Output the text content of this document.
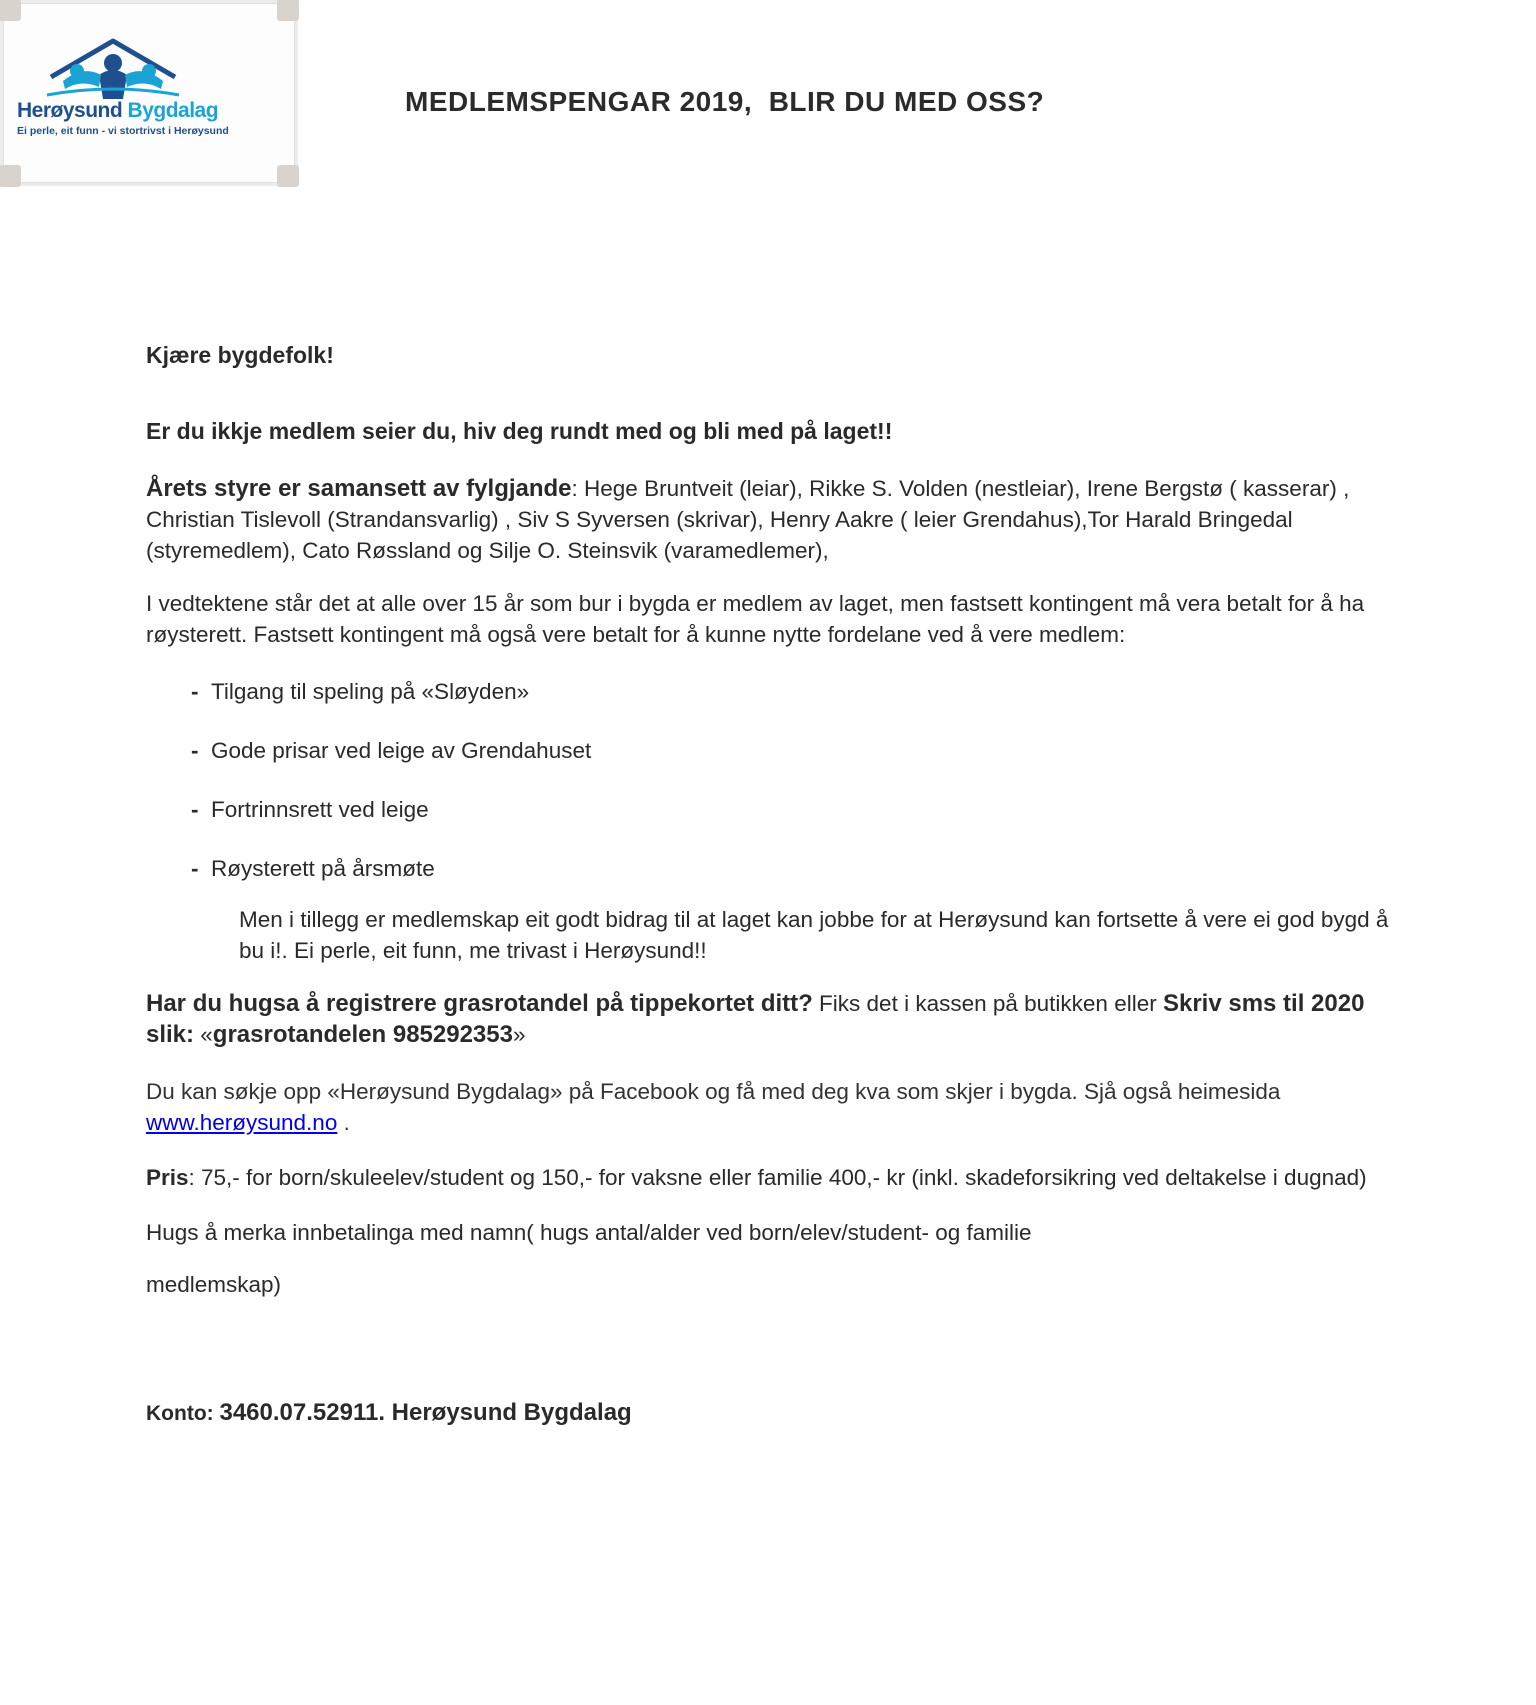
Herøysund Bygdalag
Ei perle, eit funn - vi stortrivst i Herøysund
MEDLEMSPENGAR 2019,  BLIR DU MED OSS?

Kjære bygdefolk!

Er du ikkje medlem seier du, hiv deg rundt med og bli med på laget!!

Årets styre er samansett av fylgjande: Hege Bruntveit (leiar), Rikke S. Volden (nestleiar), Irene Bergstø ( kasserar) , Christian Tislevoll (Strandansvarlig) , Siv S Syversen (skrivar), Henry Aakre ( leier Grendahus),Tor Harald Bringedal (styremedlem), Cato Røssland og Silje O. Steinsvik (varamedlemer),

I vedtektene står det at alle over 15 år som bur i bygda er medlem av laget, men fastsett kontingent må vera betalt for å ha røysterett. Fastsett kontingent må også vere betalt for å kunne nytte fordelane ved å vere medlem:

- Tilgang til speling på «Sløyden»
- Gode prisar ved leige av Grendahuset
- Fortrinnsrett ved leige
- Røysterett på årsmøte

Men i tillegg er medlemskap eit godt bidrag til at laget kan jobbe for at Herøysund kan fortsette å vere ei god bygd å bu i!. Ei perle, eit funn, me trivast i Herøysund!!

Har du hugsa å registrere grasrotandel på tippekortet ditt? Fiks det i kassen på butikken eller Skriv sms til 2020 slik: «grasrotandelen 985292353»

Du kan søkje opp «Herøysund Bygdalag» på Facebook og få med deg kva som skjer i bygda. Sjå også heimesida www.herøysund.no .

Pris: 75,- for born/skuleelev/student og 150,- for vaksne eller familie 400,- kr (inkl. skadeforsikring ved deltakelse i dugnad)

Hugs å merka innbetalinga med namn( hugs antal/alder ved born/elev/student- og familie

medlemskap)

Konto: 3460.07.52911. Herøysund Bygdalag
